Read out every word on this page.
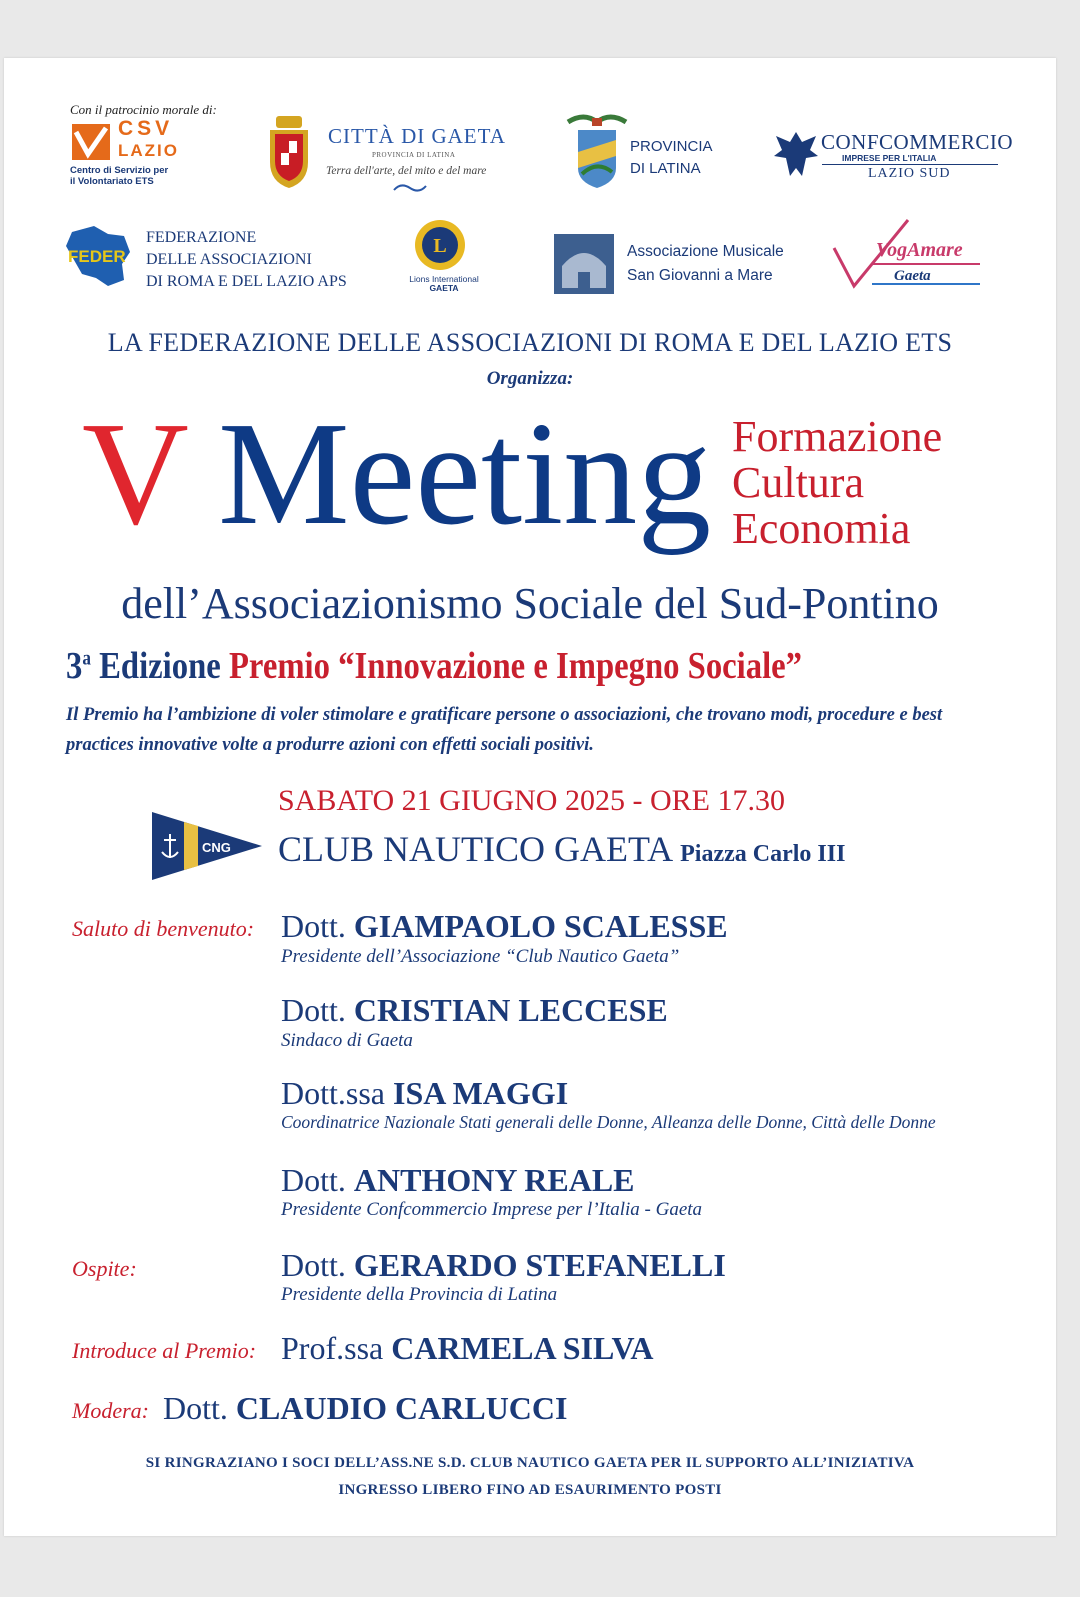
Con il patrocinio morale di:
CSV
LAZIO
Centro di Servizio per
il Volontariato ETS
CITTÀ DI GAETA
PROVINCIA DI LATINA
Terra dell'arte, del mito e del mare
PROVINCIA
DI LATINA
CONFCOMMERCIO
IMPRESE PER L'ITALIA
LAZIO SUD
FEDER
FEDERAZIONE
DELLE ASSOCIAZIONI
DI ROMA E DEL LAZIO APS
L
Lions International
GAETA
Associazione Musicale
San Giovanni a Mare
VogAmare
Gaeta
LA FEDERAZIONE DELLE ASSOCIAZIONI DI ROMA E DEL LAZIO ETS
Organizza:
V Meeting Formazione
Cultura
Economia
dell’Associazionismo Sociale del Sud-Pontino
3$^a$ Edizione Premio “Innovazione e Impegno Sociale”
Il Premio ha l’ambizione di voler stimolare e gratificare persone o associazioni, che trovano modi, procedure e best practices innovative volte a produrre azioni con effetti sociali positivi.
SABATO 21 GIUGNO 2025 - ORE 17.30
CNG CLUB NAUTICO GAETA Piazza Carlo III
Saluto di benvenuto: Dott. GIAMPAOLO SCALESSE
Presidente dell’Associazione “Club Nautico Gaeta”
Dott. CRISTIAN LECCESE
Sindaco di Gaeta
Dott.ssa ISA MAGGI
Coordinatrice Nazionale Stati generali delle Donne, Alleanza delle Donne, Città delle Donne
Dott. ANTHONY REALE
Presidente Confcommercio Imprese per l’Italia - Gaeta
Ospite:	Dott. GERARDO STEFANELLI
Presidente della Provincia di Latina
Introduce al Premio: Prof.ssa CARMELA SILVA
Modera: Dott. CLAUDIO CARLUCCI
SI RINGRAZIANO I SOCI DELL’ASS.NE S.D. CLUB NAUTICO GAETA PER IL SUPPORTO ALL’INIZIATIVA
INGRESSO LIBERO FINO AD ESAURIMENTO POSTI
